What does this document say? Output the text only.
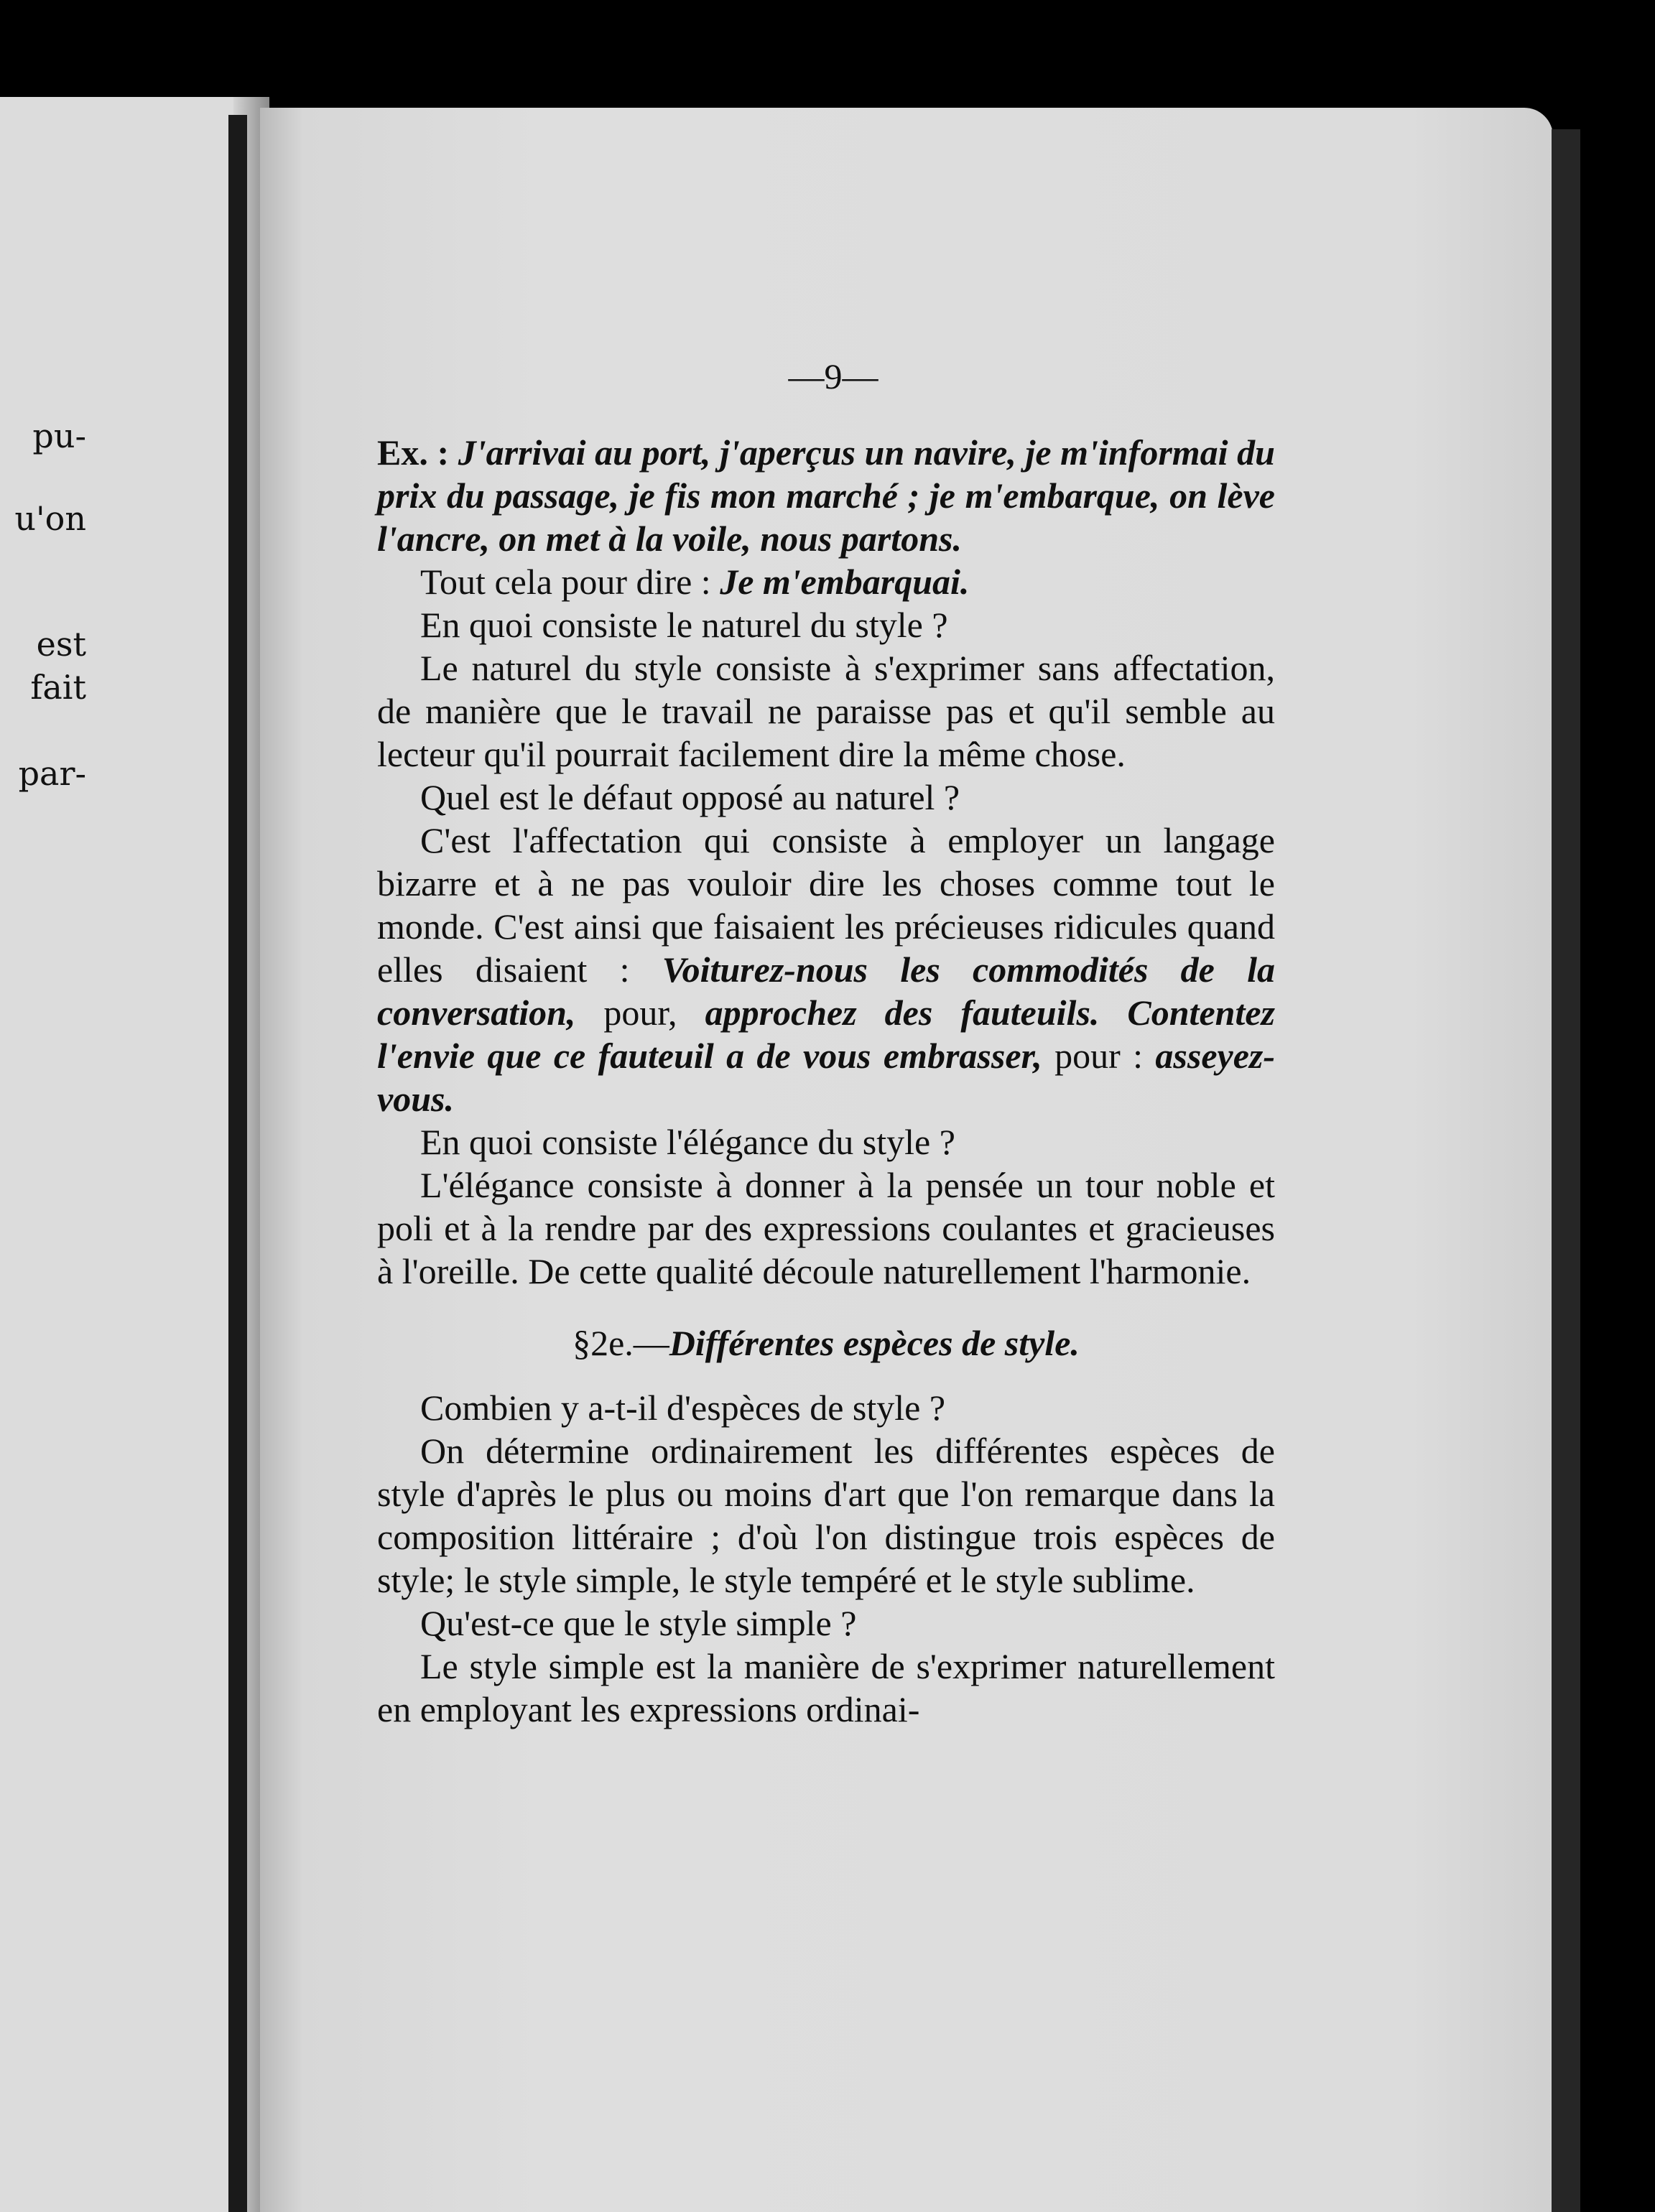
pu-
u'on
est
fait
par-
—9—

Ex. : J'arrivai au port, j'aperçus un navire, je m'informai du prix du passage, je fis mon marché ; je m'embarque, on lève l'ancre, on met à la voile, nous partons.

Tout cela pour dire : Je m'embarquai.

En quoi consiste le naturel du style ?

Le naturel du style consiste à s'exprimer sans affectation, de manière que le travail ne paraisse pas et qu'il semble au lecteur qu'il pourrait facilement dire la même chose.

Quel est le défaut opposé au naturel ?

C'est l'affectation qui consiste à employer un langage bizarre et à ne pas vouloir dire les choses comme tout le monde. C'est ainsi que faisaient les précieuses ridicules quand elles disaient : Voiturez-nous les commodités de la conversation, pour, approchez des fauteuils. Contentez l'envie que ce fauteuil a de vous embrasser, pour : asseyez-vous.

En quoi consiste l'élégance du style ?

L'élégance consiste à donner à la pensée un tour noble et poli et à la rendre par des expressions coulantes et gracieuses à l'oreille. De cette qualité découle naturellement l'harmonie.

§2e.—Différentes espèces de style.

Combien y a-t-il d'espèces de style ?

On détermine ordinairement les différentes espèces de style d'après le plus ou moins d'art que l'on remarque dans la composition littéraire ; d'où l'on distingue trois espèces de style; le style simple, le style tempéré et le style sublime.

Qu'est-ce que le style simple ?

Le style simple est la manière de s'exprimer naturellement en employant les expressions ordinai-
